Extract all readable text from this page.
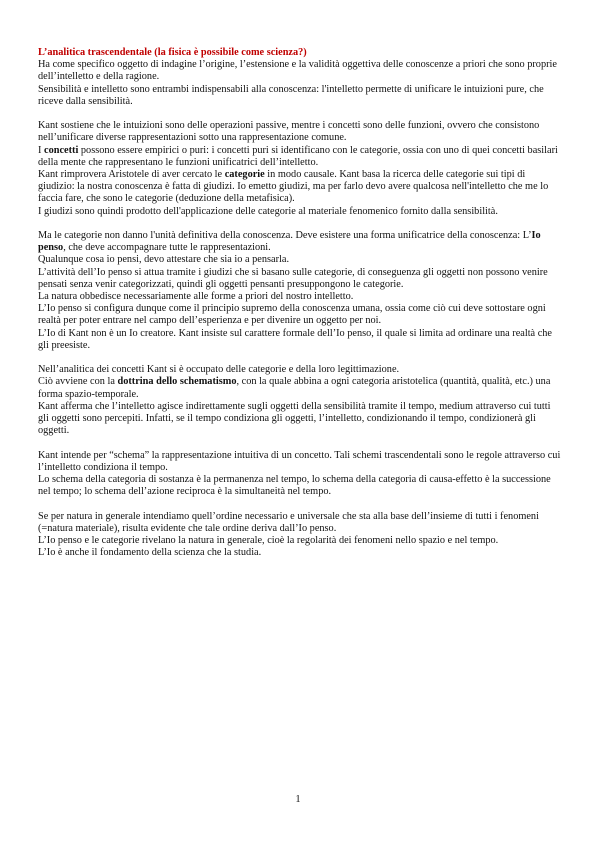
L’analitica trascendentale (la fisica è possibile come scienza?)

Ha come specifico oggetto di indagine l’origine, l’estensione e la validità oggettiva delle conoscenze a priori che sono proprie dell’intelletto e della ragione.

Sensibilità e intelletto sono entrambi indispensabili alla conoscenza: l'intelletto permette di unificare le intuizioni pure, che riceve dalla sensibilità.

Kant sostiene che le intuizioni sono delle operazioni passive, mentre i concetti sono delle funzioni, ovvero che consistono nell’unificare diverse rappresentazioni sotto una rappresentazione comune.

I concetti possono essere empirici o puri: i concetti puri si identificano con le categorie, ossia con uno di quei concetti basilari della mente che rappresentano le funzioni unificatrici dell’intelletto.

Kant rimprovera Aristotele di aver cercato le categorie in modo causale. Kant basa la ricerca delle categorie sui tipi di giudizio: la nostra conoscenza è fatta di giudizi. Io emetto giudizi, ma per farlo devo avere qualcosa nell'intelletto che me lo faccia fare, che sono le categorie (deduzione della metafisica).

I giudizi sono quindi prodotto dell'applicazione delle categorie al materiale fenomenico fornito dalla sensibilità.

Ma le categorie non danno l'unità definitiva della conoscenza. Deve esistere una forma unificatrice della conoscenza: L’Io penso, che deve accompagnare tutte le rappresentazioni.

Qualunque cosa io pensi, devo attestare che sia io a pensarla.

L’attività dell’Io penso si attua tramite i giudizi che si basano sulle categorie, di conseguenza gli oggetti non possono venire pensati senza venir categorizzati, quindi gli oggetti pensanti presuppongono le categorie.

La natura obbedisce necessariamente alle forme a priori del nostro intelletto.

L’Io penso si configura dunque come il principio supremo della conoscenza umana, ossia come ciò cui deve sottostare ogni realtà per poter entrare nel campo dell’esperienza e per divenire un oggetto per noi.

L’Io di Kant non è un Io creatore. Kant insiste sul carattere formale dell’Io penso, il quale si limita ad ordinare una realtà che gli preesiste.

Nell’analitica dei concetti Kant si è occupato delle categorie e della loro legittimazione.

Ciò avviene con la dottrina dello schematismo, con la quale abbina a ogni categoria aristotelica (quantità, qualità, etc.) una forma spazio-temporale.

Kant afferma che l’intelletto agisce indirettamente sugli oggetti della sensibilità tramite il tempo, medium attraverso cui tutti gli oggetti sono percepiti. Infatti, se il tempo condiziona gli oggetti, l’intelletto, condizionando il tempo, condizionerà gli oggetti.

Kant intende per “schema” la rappresentazione intuitiva di un concetto. Tali schemi trascendentali sono le regole attraverso cui l’intelletto condiziona il tempo.

Lo schema della categoria di sostanza è la permanenza nel tempo, lo schema della categoria di causa-effetto è la successione nel tempo; lo schema dell’azione reciproca è la simultaneità nel tempo.

Se per natura in generale intendiamo quell’ordine necessario e universale che sta alla base dell’insieme di tutti i fenomeni (=natura materiale), risulta evidente che tale ordine deriva dall’Io penso.

L’Io penso e le categorie rivelano la natura in generale, cioè la regolarità dei fenomeni nello spazio e nel tempo.

L’Io è anche il fondamento della scienza che la studia.

1
